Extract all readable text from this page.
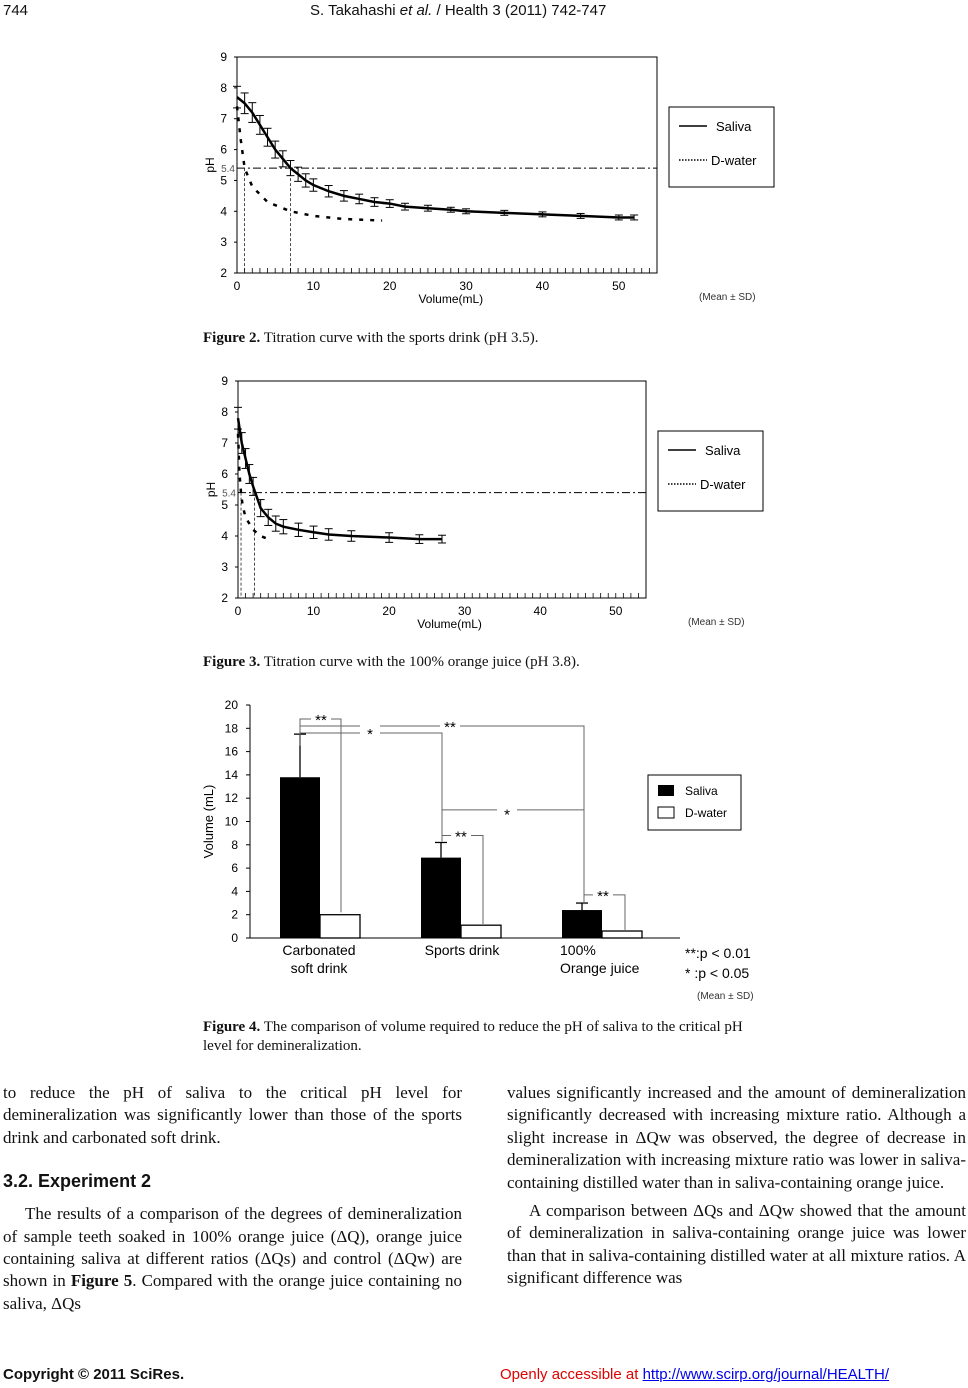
744	S. Takahashi et al. / Health 3 (2011) 742-747
2
3
4
5
6
7
8
9
0	10	20	30	40	50
Volume(mL)
pH 5.4
Saliva
D-water
(Mean ± SD)
Figure 2. Titration curve with the sports drink (pH 3.5).
2
3
4
5
6
7
8
9
0	10	20	30	40	50
Volume(mL)
pH 5.4
Saliva
D-water
(Mean ± SD)
Figure 3. Titration curve with the 100% orange juice (pH 3.8).
0
2
4
6
8
10
12
14
16
18
20
Volume (mL)
Carbonated
soft drink
Sports drink	100%
Orange juice
**	**
*
*
**
**
Saliva
D-water
**:p < 0.01
* :p < 0.05
(Mean ± SD)
Figure 4. The comparison of volume required to reduce the pH of saliva to the critical pH level for demineralization.
to reduce the pH of saliva to the critical pH level for demineralization was significantly lower than those of the sports drink and carbonated soft drink.
3.2. Experiment 2
The results of a comparison of the degrees of demineralization of sample teeth soaked in 100% orange juice (ΔQ), orange juice containing saliva at different ratios (ΔQs) and control (ΔQw) are shown in Figure 5. Compared with the orange juice containing no saliva, ΔQs
values significantly increased and the amount of demineralization significantly decreased with increasing mixture ratio. Although a slight increase in ΔQw was observed, the degree of decrease in demineralization with increasing mixture ratio was lower in saliva-containing distilled water than in saliva-containing orange juice.
A comparison between ΔQs and ΔQw showed that the amount of demineralization in saliva-containing orange juice was lower than that in saliva-containing distilled water at all mixture ratios. A significant difference was
Copyright © 2011 SciRes.	Openly accessible at http://www.scirp.org/journal/HEALTH/
